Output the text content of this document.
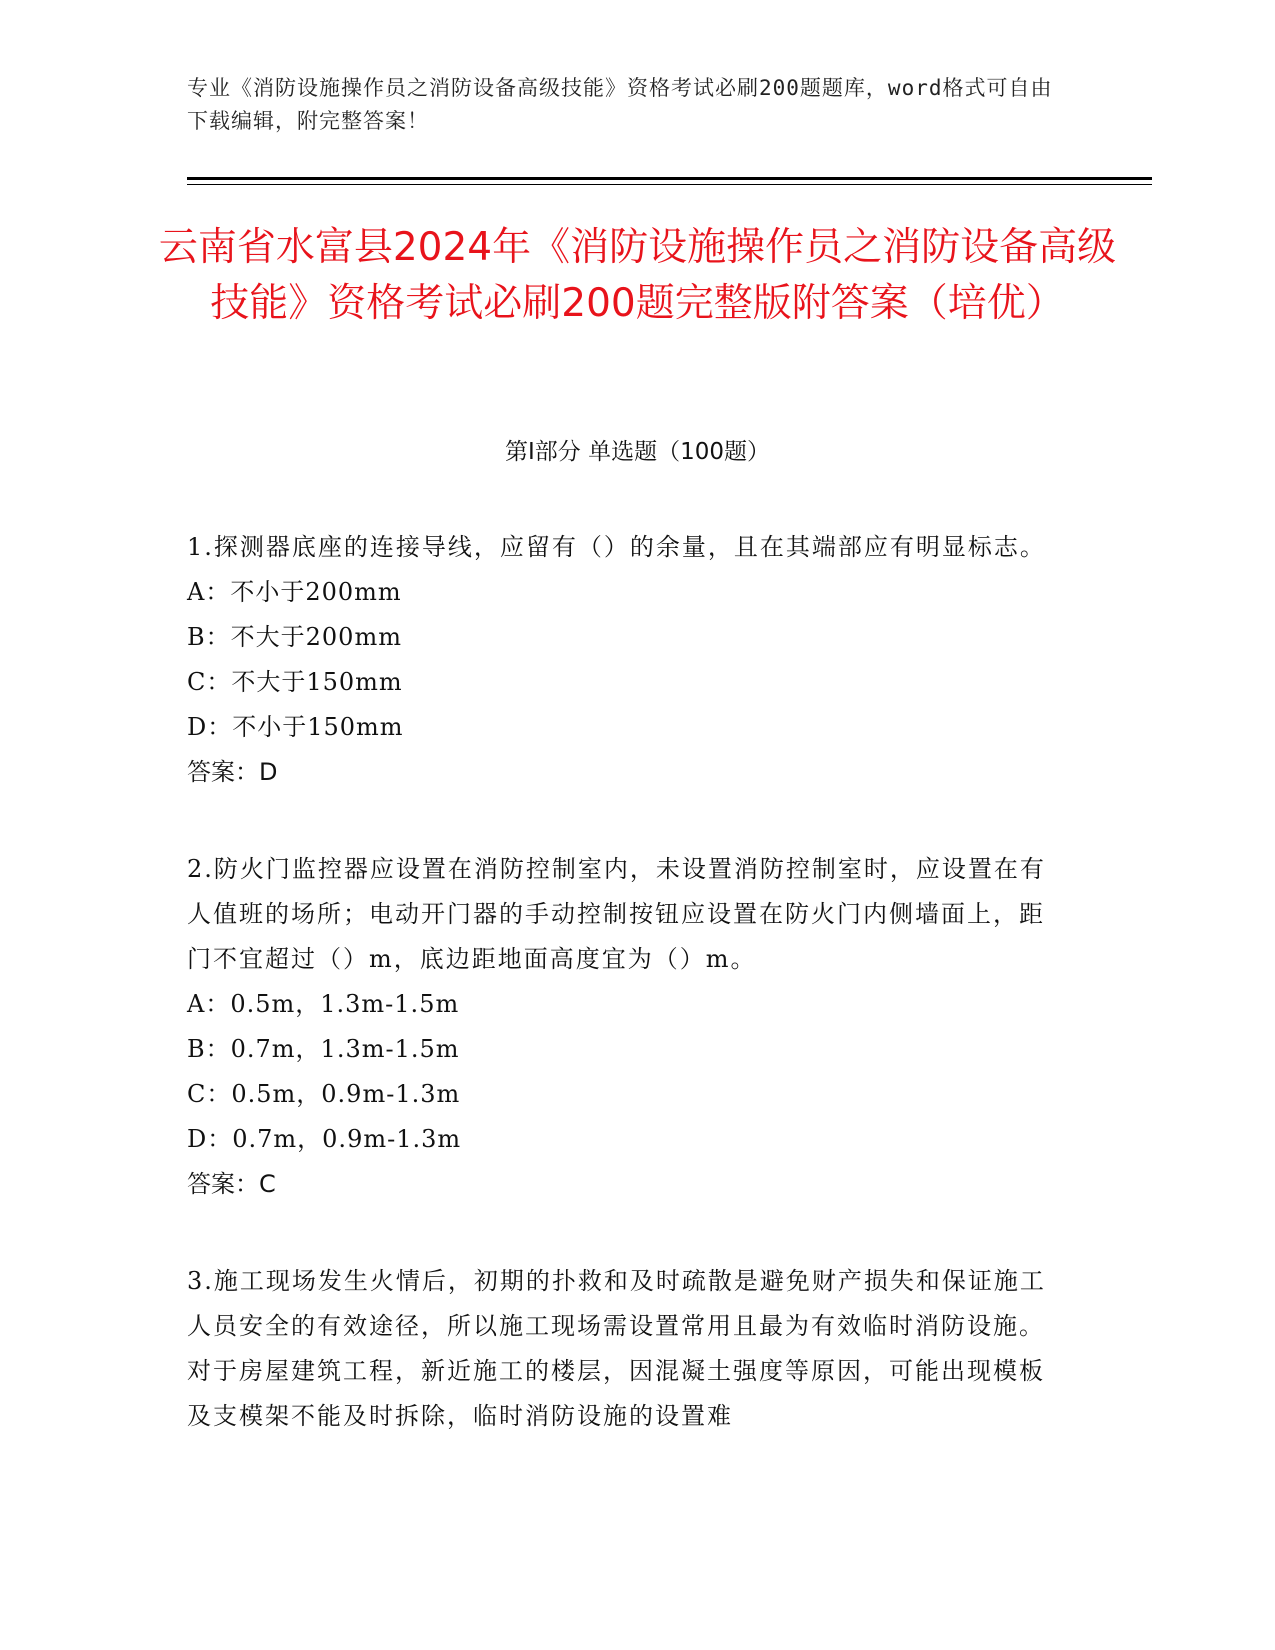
专业《消防设施操作员之消防设备高级技能》资格考试必刷200题题库，word格式可自由下载编辑，附完整答案！
云南省水富县2024年《消防设施操作员之消防设备高级技能》资格考试必刷200题完整版附答案（培优）
第Ⅰ部分 单选题（100题）

1.探测器底座的连接导线，应留有（）的余量，且在其端部应有明显标志。

A：不小于200mm

B：不大于200mm

C：不大于150mm

D：不小于150mm

答案：D

2.防火门监控器应设置在消防控制室内，未设置消防控制室时，应设置在有人值班的场所；电动开门器的手动控制按钮应设置在防火门内侧墙面上，距门不宜超过（）m，底边距地面高度宜为（）m。

A：0.5m，1.3m-1.5m

B：0.7m，1.3m-1.5m

C：0.5m，0.9m-1.3m

D：0.7m，0.9m-1.3m

答案：C

3.施工现场发生火情后，初期的扑救和及时疏散是避免财产损失和保证施工人员安全的有效途径，所以施工现场需设置常用且最为有效临时消防设施。对于房屋建筑工程，新近施工的楼层，因混凝土强度等原因，可能出现模板及支模架不能及时拆除，临时消防设施的设置难
